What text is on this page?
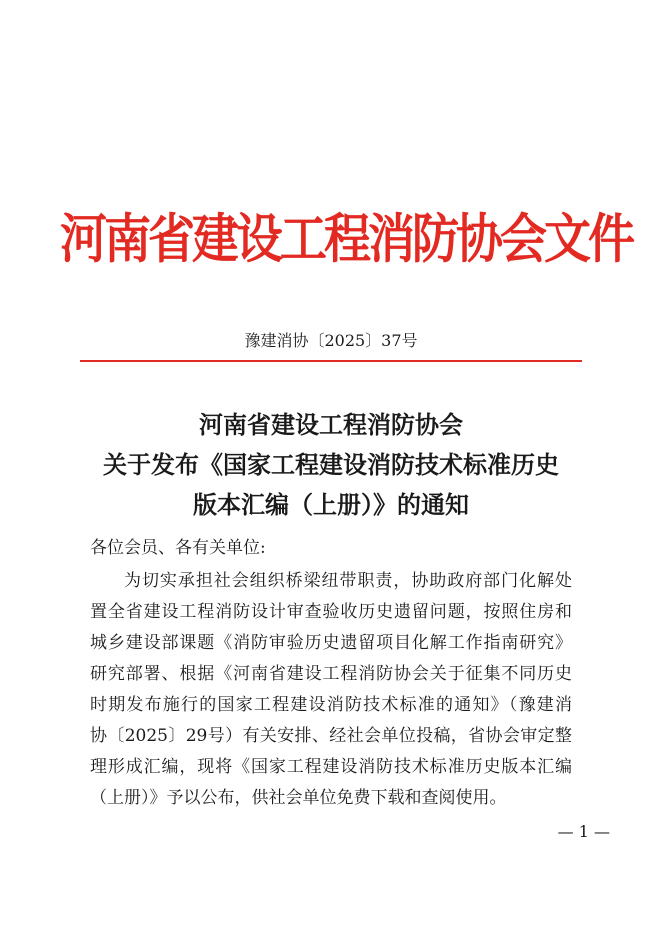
河南省建设工程消防协会文件
豫建消协〔2025〕37号
河南省建设工程消防协会
关于发布《国家工程建设消防技术标准历史
版本汇编（上册）》的通知
各位会员、各有关单位:
为切实承担社会组织桥梁纽带职责，协助政府部门化解处
置全省建设工程消防设计审查验收历史遗留问题，按照住房和
城乡建设部课题《消防审验历史遗留项目化解工作指南研究》
研究部署、根据《河南省建设工程消防协会关于征集不同历史
时期发布施行的国家工程建设消防技术标准的通知》（豫建消
协〔2025〕29号）有关安排、经社会单位投稿，省协会审定整
理形成汇编，现将《国家工程建设消防技术标准历史版本汇编
（上册）》予以公布，供社会单位免费下载和查阅使用。
— 1 —
